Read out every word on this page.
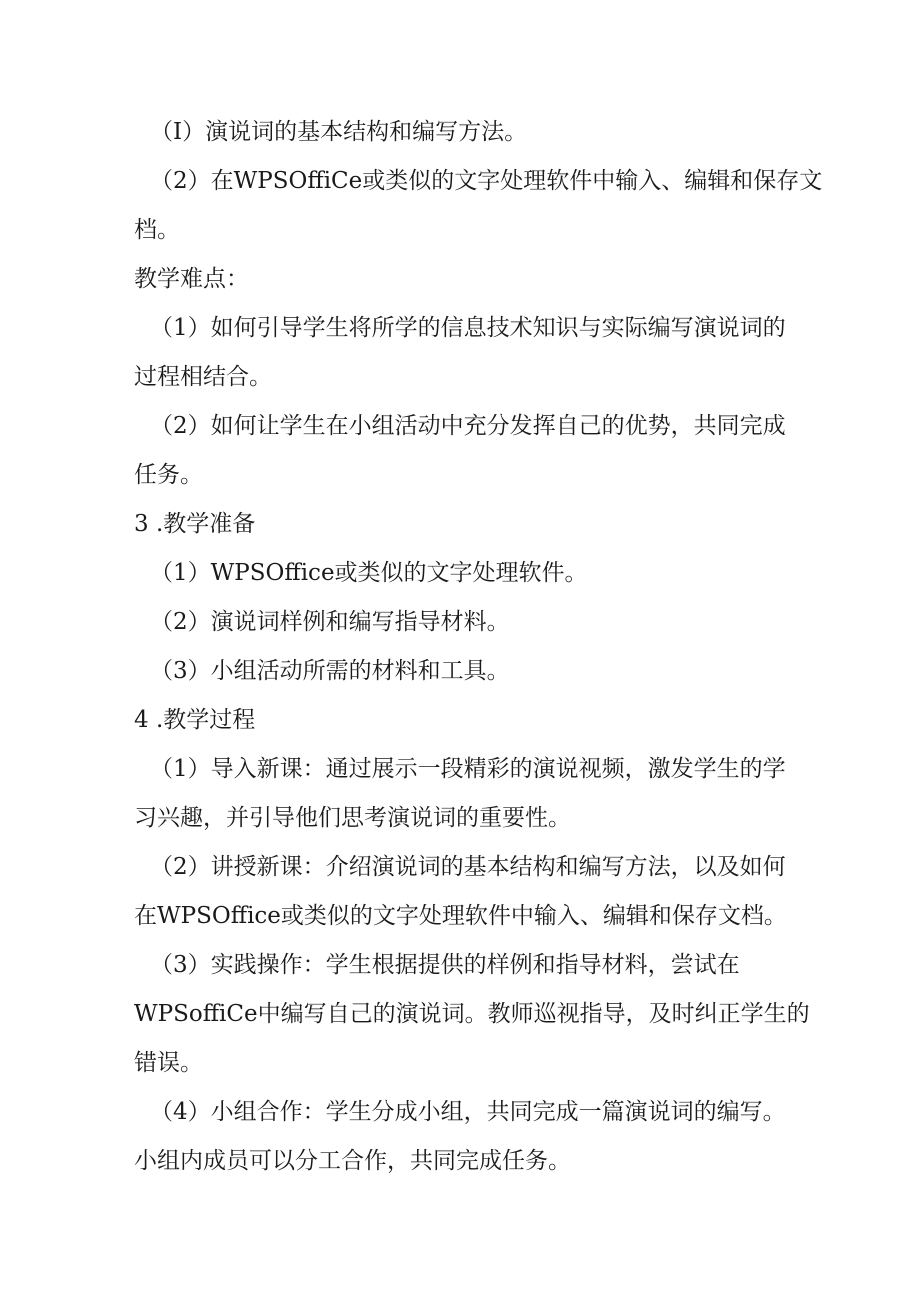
（I）演说词的基本结构和编写方法。
（2）在WPSOffiCe或类似的文字处理软件中输入、编辑和保存文
档。
教学难点：
（1）如何引导学生将所学的信息技术知识与实际编写演说词的
过程相结合。
（2）如何让学生在小组活动中充分发挥自己的优势，共同完成
任务。
3 .教学准备
（1）WPSOffice或类似的文字处理软件。
（2）演说词样例和编写指导材料。
（3）小组活动所需的材料和工具。
4 .教学过程
（1）导入新课：通过展示一段精彩的演说视频，激发学生的学
习兴趣，并引导他们思考演说词的重要性。
（2）讲授新课：介绍演说词的基本结构和编写方法，以及如何
在WPSOffice或类似的文字处理软件中输入、编辑和保存文档。
（3）实践操作：学生根据提供的样例和指导材料，尝试在
WPSoffiCe中编写自己的演说词。教师巡视指导，及时纠正学生的
错误。
（4）小组合作：学生分成小组，共同完成一篇演说词的编写。
小组内成员可以分工合作，共同完成任务。
